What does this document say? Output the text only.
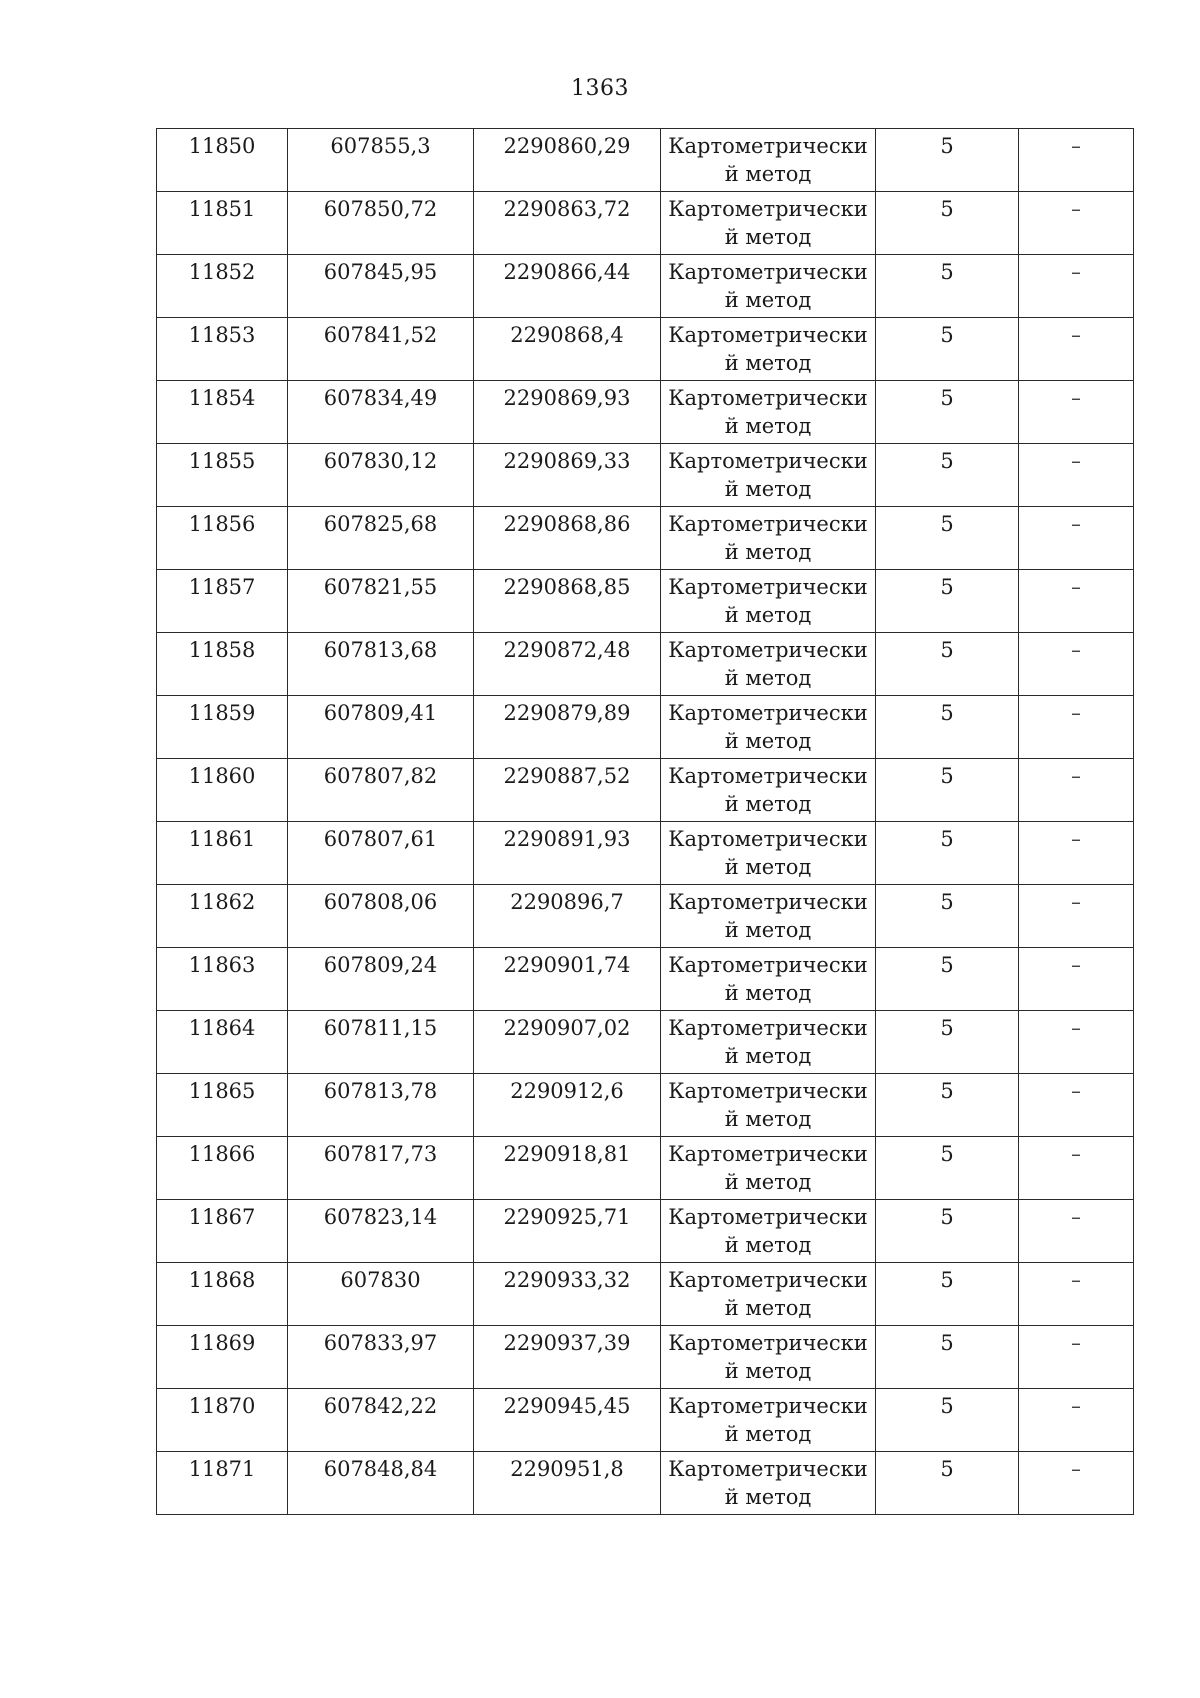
1363
11850	607855,3	2290860,29	Картометрически й метод	5	–

11851	607850,72	2290863,72	Картометрически й метод	5	–

11852	607845,95	2290866,44	Картометрически й метод	5	–

11853	607841,52	2290868,4	Картометрически й метод	5	–

11854	607834,49	2290869,93	Картометрически й метод	5	–

11855	607830,12	2290869,33	Картометрически й метод	5	–

11856	607825,68	2290868,86	Картометрически й метод	5	–

11857	607821,55	2290868,85	Картометрически й метод	5	–

11858	607813,68	2290872,48	Картометрически й метод	5	–

11859	607809,41	2290879,89	Картометрически й метод	5	–

11860	607807,82	2290887,52	Картометрически й метод	5	–

11861	607807,61	2290891,93	Картометрически й метод	5	–

11862	607808,06	2290896,7	Картометрически й метод	5	–

11863	607809,24	2290901,74	Картометрически й метод	5	–

11864	607811,15	2290907,02	Картометрически й метод	5	–

11865	607813,78	2290912,6	Картометрически й метод	5	–

11866	607817,73	2290918,81	Картометрически й метод	5	–

11867	607823,14	2290925,71	Картометрически й метод	5	–

11868	607830	2290933,32	Картометрически й метод	5	–

11869	607833,97	2290937,39	Картометрически й метод	5	–

11870	607842,22	2290945,45	Картометрически й метод	5	–

11871	607848,84	2290951,8	Картометрически й метод	5	–
